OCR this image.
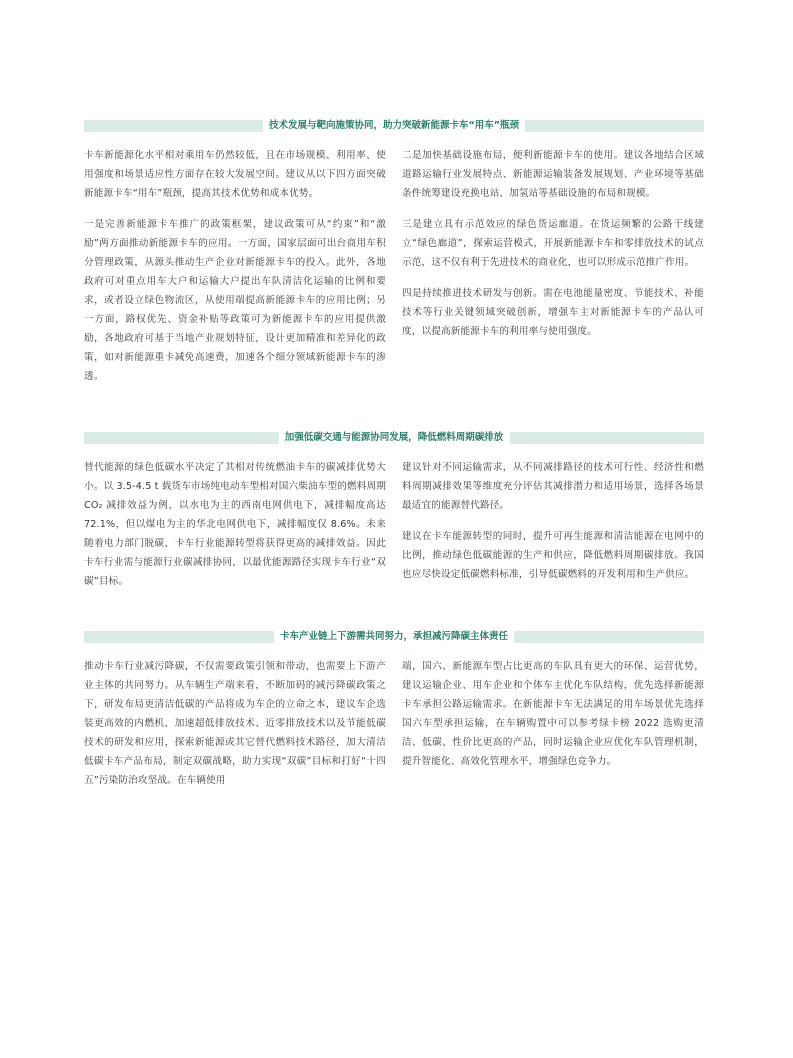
技术发展与靶向施策协同，助力突破新能源卡车“用车”瓶颈

卡车新能源化水平相对乘用车仍然较低，且在市场规模、利用率、使用强度和场景适应性方面存在较大发展空间。建议从以下四方面突破新能源卡车“用车”瓶颈，提高其技术优势和成本优势。

一是完善新能源卡车推广的政策框架，建议政策可从“约束”和“激励”两方面推动新能源卡车的应用。一方面，国家层面可出台商用车积分管理政策，从源头推动生产企业对新能源卡车的投入。此外，各地政府可对重点用车大户和运输大户提出车队清洁化运输的比例和要求，或者设立绿色物流区，从使用端提高新能源卡车的应用比例；另一方面，路权优先、资金补贴等政策可为新能源卡车的应用提供激励，各地政府可基于当地产业规划特征，设计更加精准和差异化的政策，如对新能源重卡减免高速费，加速各个细分领域新能源卡车的渗透。

二是加快基础设施布局，便利新能源卡车的使用。建议各地结合区域道路运输行业发展特点、新能源运输装备发展规划、产业环境等基础条件统筹建设充换电站、加氢站等基础设施的布局和规模。

三是建立具有示范效应的绿色货运廊道。在货运频繁的公路干线建立“绿色廊道”，探索运营模式，开展新能源卡车和零排放技术的试点示范，这不仅有利于先进技术的商业化，也可以形成示范推广作用。

四是持续推进技术研发与创新。需在电池能量密度、节能技术、补能技术等行业关键领域突破创新，增强车主对新能源卡车的产品认可度，以提高新能源卡车的利用率与使用强度。

加强低碳交通与能源协同发展，降低燃料周期碳排放

替代能源的绿色低碳水平决定了其相对传统燃油卡车的碳减排优势大小。以 3.5-4.5 t 载货车市场纯电动车型相对国六柴油车型的燃料周期 CO₂ 减排效益为例，以水电为主的西南电网供电下，减排幅度高达 72.1%，但以煤电为主的华北电网供电下，减排幅度仅 8.6%。未来随着电力部门脱碳，卡车行业能源转型将获得更高的减排效益。因此卡车行业需与能源行业碳减排协同，以最优能源路径实现卡车行业“双碳”目标。

建议针对不同运输需求，从不同减排路径的技术可行性、经济性和燃料周期减排效果等维度充分评估其减排潜力和适用场景，选择各场景最适宜的能源替代路径。

建议在卡车能源转型的同时，提升可再生能源和清洁能源在电网中的比例，推动绿色低碳能源的生产和供应，降低燃料周期碳排放。我国也应尽快设定低碳燃料标准，引导低碳燃料的开发利用和生产供应。

卡车产业链上下游需共同努力，承担减污降碳主体责任

推动卡车行业减污降碳，不仅需要政策引领和带动，也需要上下游产业主体的共同努力。从车辆生产端来看，不断加码的减污降碳政策之下，研发布局更清洁低碳的产品将成为车企的立命之本，建议车企选装更高效的内燃机，加速超低排放技术、近零排放技术以及节能低碳技术的研发和应用，探索新能源或其它替代燃料技术路径，加大清洁低碳卡车产品布局，制定双碳战略，助力实现“双碳”目标和打好“十四五”污染防治攻坚战。在车辆使用

端，国六、新能源车型占比更高的车队具有更大的环保、运营优势，建议运输企业、用车企业和个体车主优化车队结构，优先选择新能源卡车承担公路运输需求。在新能源卡车无法满足的用车场景优先选择国六车型承担运输，在车辆购置中可以参考绿卡榜 2022 选购更清洁、低碳、性价比更高的产品，同时运输企业应优化车队管理机制，提升智能化、高效化管理水平，增强绿色竞争力。
